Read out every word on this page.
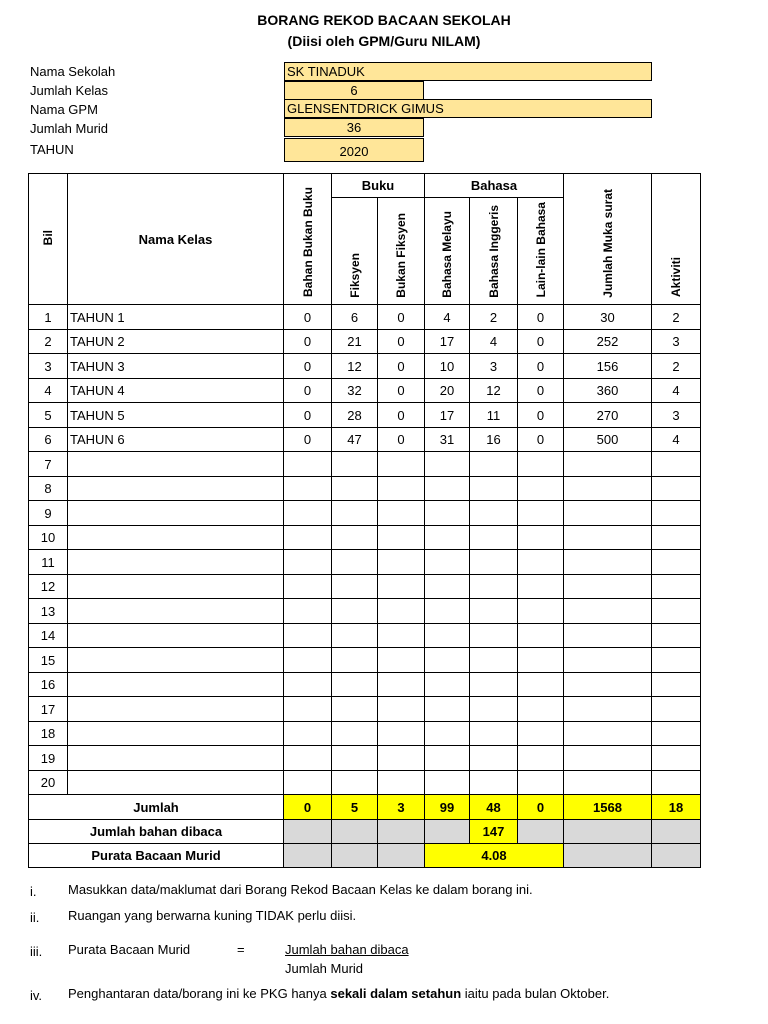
BORANG REKOD BACAAN SEKOLAH
(Diisi oleh GPM/Guru NILAM)
Nama Sekolah	SK TINADUK
Jumlah Kelas	6
Nama GPM	GLENSENTDRICK GIMUS
Jumlah Murid	36
TAHUN	2020
Bil	Nama Kelas	Bahan Bukan Buku	Buku		Bahasa			Jumlah Muka surat	Aktiviti
			Fiksyen	Bukan Fiksyen	Bahasa Melayu	Bahasa Inggeris	Lain-lain Bahasa		
1	TAHUN 1	0	6	0	4	2	0	30	2
2	TAHUN 2	0	21	0	17	4	0	252	3
3	TAHUN 3	0	12	0	10	3	0	156	2
4	TAHUN 4	0	32	0	20	12	0	360	4
5	TAHUN 5	0	28	0	17	11	0	270	3
6	TAHUN 6	0	47	0	31	16	0	500	4
7									
8									
9									
10									
11									
12									
13									
14									
15									
16									
17									
18									
19									
20									
Jumlah		0	5	3	99	48	0	1568	18
Jumlah bahan dibaca						147			
Purata Bacaan Murid					4.08				
i. Masukkan data/maklumat dari Borang Rekod Bacaan Kelas ke dalam borang ini.
ii. Ruangan yang berwarna kuning TIDAK perlu diisi.
iii. Purata Bacaan Murid	=	Jumlah bahan dibaca
Jumlah Murid
iv. Penghantaran data/borang ini ke PKG hanya sekali dalam setahun iaitu pada bulan Oktober.
